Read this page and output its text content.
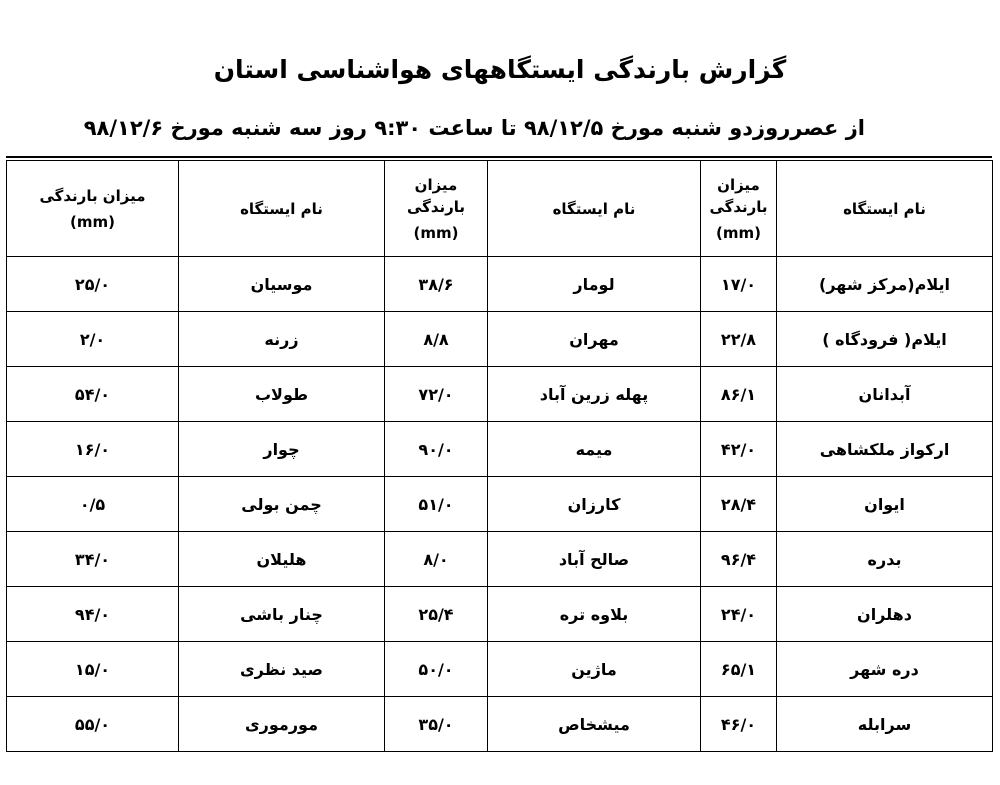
گزارش بارندگی ایستگاههای هواشناسی استان
از عصرروزدو شنبه مورخ ۹۸/۱۲/۵ تا ساعت ۹:۳۰ روز سه شنبه مورخ ۹۸/۱۲/۶
نام ایستگاه	میزان
بارندگی
(mm)	نام ایستگاه	میزان
بارندگی
(mm)	نام ایستگاه	میزان بارندگی
(mm)

ایلام(مرکز شهر)	۱۷/۰	لومار	۳۸/۶	موسیان	۲۵/۰
ایلام( فرودگاه )	۲۲/۸	مهران	۸/۸	زرنه	۲/۰
آبدانان	۸۶/۱	پهله زرین آباد	۷۲/۰	طولاب	۵۴/۰
ارکواز ملکشاهی	۴۲/۰	میمه	۹۰/۰	چوار	۱۶/۰
ایوان	۲۸/۴	کارزان	۵۱/۰	چمن بولی	۰/۵
بدره	۹۶/۴	صالح آباد	۸/۰	هلیلان	۳۴/۰
دهلران	۲۴/۰	بلاوه تره	۲۵/۴	چنار باشی	۹۴/۰
دره شهر	۶۵/۱	ماژین	۵۰/۰	صید نظری	۱۵/۰
سرابله	۴۶/۰	میشخاص	۳۵/۰	مورموری	۵۵/۰
